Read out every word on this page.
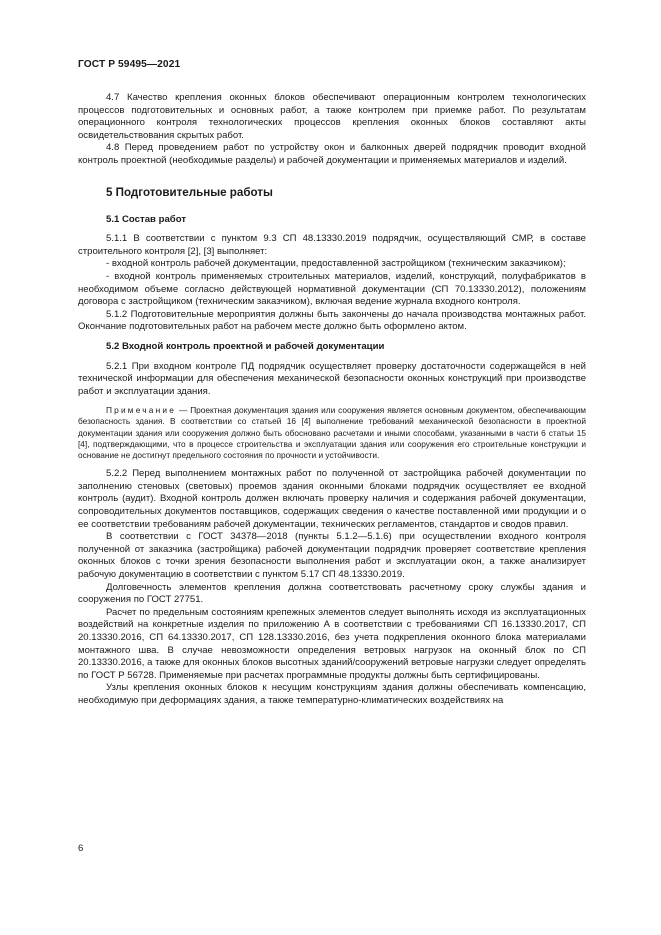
ГОСТ Р 59495—2021

4.7 Качество крепления оконных блоков обеспечивают операционным контролем технологических процессов подготовительных и основных работ, а также контролем при приемке работ. По результатам операционного контроля технологических процессов крепления оконных блоков составляют акты освидетельствования скрытых работ.

4.8 Перед проведением работ по устройству окон и балконных дверей подрядчик проводит входной контроль проектной (необходимые разделы) и рабочей документации и применяемых материалов и изделий.

5 Подготовительные работы
5.1 Состав работ

5.1.1 В соответствии с пунктом 9.3 СП 48.13330.2019 подрядчик, осуществляющий СМР, в составе строительного контроля [2], [3] выполняет:

- входной контроль рабочей документации, предоставленной застройщиком (техническим заказчиком);

- входной контроль применяемых строительных материалов, изделий, конструкций, полуфабрикатов в необходимом объеме согласно действующей нормативной документации (СП 70.13330.2012), положениям договора с застройщиком (техническим заказчиком), включая ведение журнала входного контроля.

5.1.2 Подготовительные мероприятия должны быть закончены до начала производства монтажных работ. Окончание подготовительных работ на рабочем месте должно быть оформлено актом.

5.2 Входной контроль проектной и рабочей документации

5.2.1 При входном контроле ПД подрядчик осуществляет проверку достаточности содержащейся в ней технической информации для обеспечения механической безопасности оконных конструкций при производстве работ и эксплуатации здания.

Примечание — Проектная документация здания или сооружения является основным документом, обеспечивающим безопасность здания. В соответствии со статьей 16 [4] выполнение требований механической безопасности в проектной документации здания или сооружения должно быть обосновано расчетами и иными способами, указанными в части 6 статьи 15 [4], подтверждающими, что в процессе строительства и эксплуатации здания или сооружения его строительные конструкции и основание не достигнут предельного состояния по прочности и устойчивости.

5.2.2 Перед выполнением монтажных работ по полученной от застройщика рабочей документации по заполнению стеновых (световых) проемов здания оконными блоками подрядчик осуществляет ее входной контроль (аудит). Входной контроль должен включать проверку наличия и содержания рабочей документации, сопроводительных документов поставщиков, содержащих сведения о качестве поставленной ими продукции и о ее соответствии требованиям рабочей документации, технических регламентов, стандартов и сводов правил.

В соответствии с ГОСТ 34378—2018 (пункты 5.1.2—5.1.6) при осуществлении входного контроля полученной от заказчика (застройщика) рабочей документации подрядчик проверяет соответствие крепления оконных блоков с точки зрения безопасности выполнения работ и эксплуатации окон, а также анализирует рабочую документацию в соответствии с пунктом 5.17 СП 48.13330.2019.

Долговечность элементов крепления должна соответствовать расчетному сроку службы здания и сооружения по ГОСТ 27751.

Расчет по предельным состояниям крепежных элементов следует выполнять исходя из эксплуатационных воздействий на конкретные изделия по приложению А в соответствии с требованиями СП 16.13330.2017, СП 20.13330.2016, СП 64.13330.2017, СП 128.13330.2016, без учета подкрепления оконного блока материалами монтажного шва. В случае невозможности определения ветровых нагрузок на оконный блок по СП 20.13330.2016, а также для оконных блоков высотных зданий/сооружений ветровые нагрузки следует определять по ГОСТ Р 56728. Применяемые при расчетах программные продукты должны быть сертифицированы.

Узлы крепления оконных блоков к несущим конструкциям здания должны обеспечивать компенсацию, необходимую при деформациях здания, а также температурно-климатических воздействиях на

6
